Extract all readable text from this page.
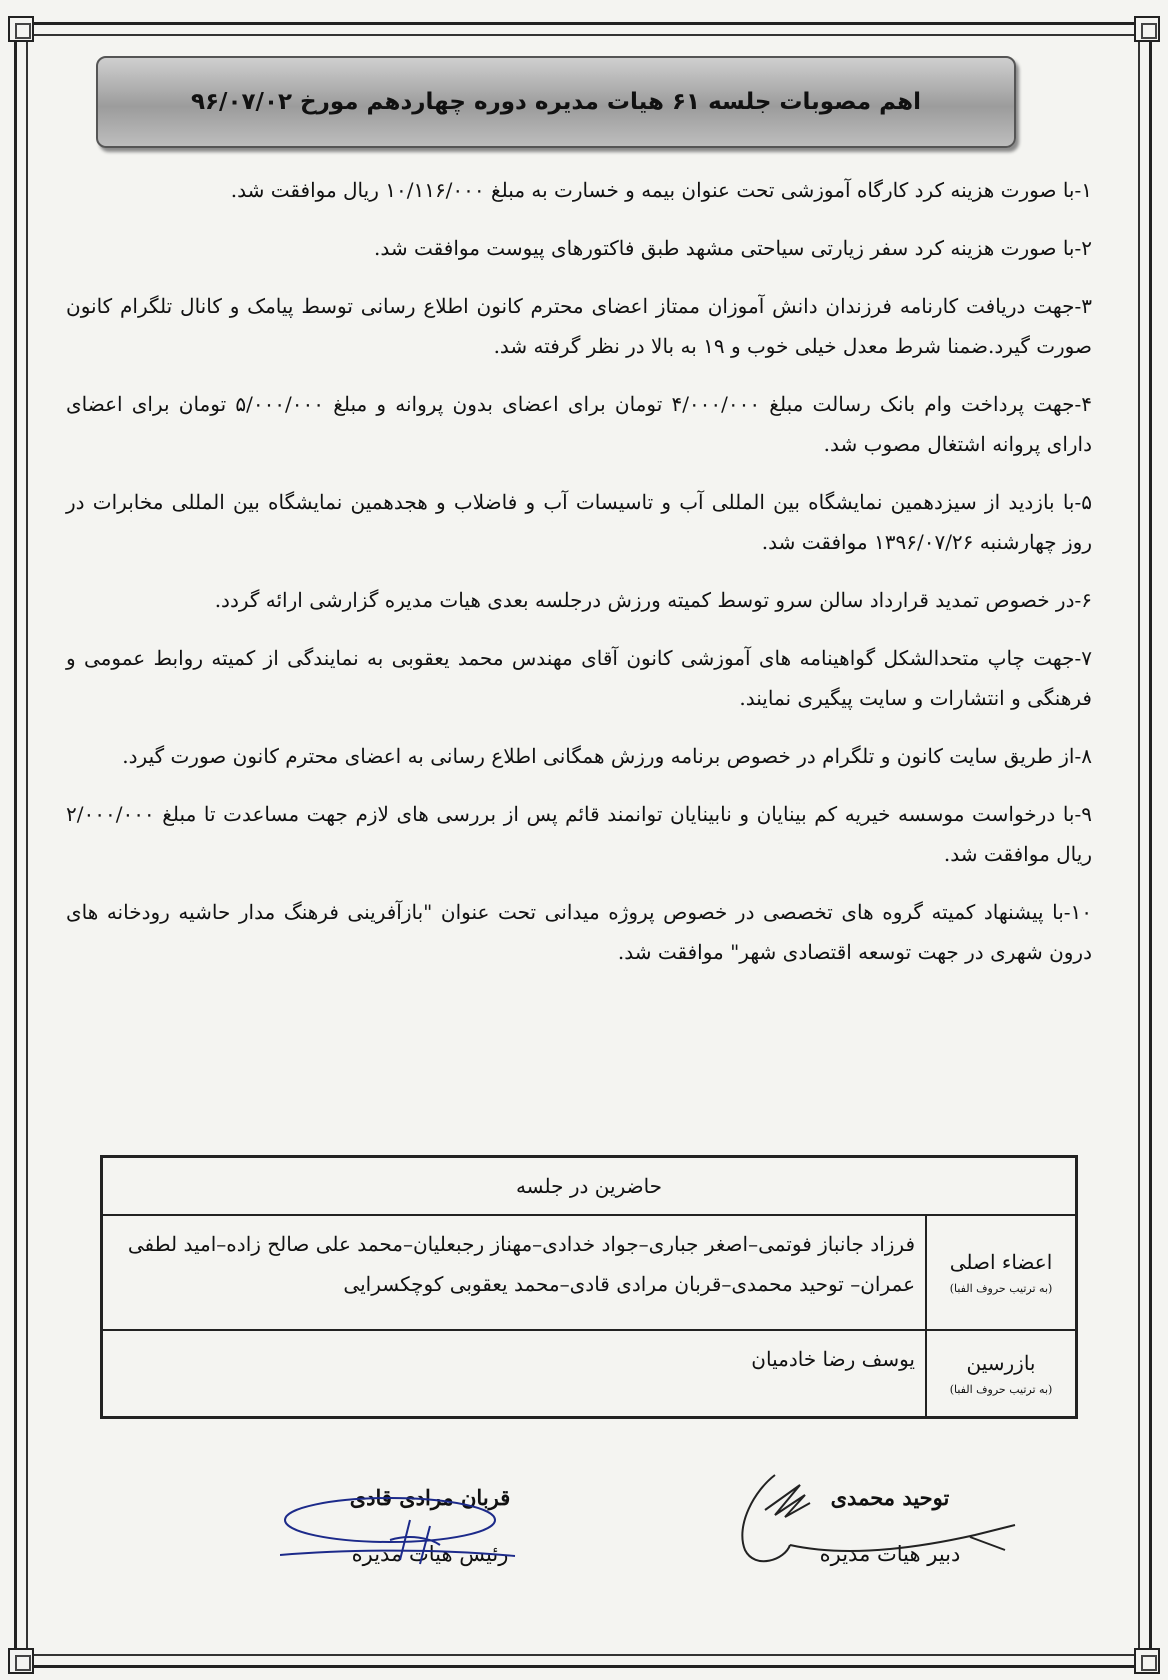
اهم مصوبات جلسه ۶۱ هیات مدیره دوره چهاردهم مورخ ۹۶/۰۷/۰۲

۱-با صورت هزینه کرد کارگاه آموزشی تحت عنوان بیمه و خسارت به مبلغ ۱۰/۱۱۶/۰۰۰ ریال موافقت شد.

۲-با صورت هزینه کرد سفر زیارتی سیاحتی مشهد طبق فاکتورهای پیوست موافقت شد.

۳-جهت دریافت کارنامه فرزندان دانش آموزان ممتاز اعضای محترم کانون اطلاع رسانی توسط پیامک و کانال تلگرام کانون صورت گیرد.ضمنا شرط معدل خیلی خوب و ۱۹ به بالا در نظر گرفته شد.

۴-جهت پرداخت وام بانک رسالت مبلغ ۴/۰۰۰/۰۰۰ تومان برای اعضای بدون پروانه و مبلغ ۵/۰۰۰/۰۰۰ تومان برای اعضای دارای پروانه اشتغال مصوب شد.

۵-با بازدید از سیزدهمین نمایشگاه بین المللی آب و تاسیسات آب و فاضلاب و هجدهمین نمایشگاه بین المللی مخابرات در روز چهارشنبه ۱۳۹۶/۰۷/۲۶ موافقت شد.

۶-در خصوص تمدید قرارداد سالن سرو توسط کمیته ورزش درجلسه بعدی هیات مدیره گزارشی ارائه گردد.

۷-جهت چاپ متحدالشکل گواهینامه های آموزشی کانون آقای مهندس محمد یعقوبی به نمایندگی از کمیته روابط عمومی و فرهنگی و انتشارات و سایت پیگیری نمایند.

۸-از طریق سایت کانون و تلگرام در خصوص برنامه ورزش همگانی اطلاع رسانی به اعضای محترم کانون صورت گیرد.

۹-با درخواست موسسه خیریه کم بینایان و نابینایان توانمند قائم پس از بررسی های لازم جهت مساعدت تا مبلغ ۲/۰۰۰/۰۰۰ ریال موافقت شد.

۱۰-با پیشنهاد کمیته گروه های تخصصی در خصوص پروژه میدانی تحت عنوان "بازآفرینی فرهنگ مدار حاشیه رودخانه های درون شهری در جهت توسعه اقتصادی شهر" موافقت شد.

حاضرین در جلسه
اعضاء اصلی
(به ترتیب حروف الفبا)
فرزاد جانباز فوتمی–اصغر جباری–جواد خدادی–مهناز رجبعلیان–محمد علی صالح زاده–امید لطفی عمران– توحید محمدی–قربان مرادی قادی–محمد یعقوبی کوچکسرایی
بازرسین
(به ترتیب حروف الفبا)
یوسف رضا خادمیان
توحید محمدی
دبیر هیات مدیره
قربان مرادی قادی
رئیس هیات مدیره
